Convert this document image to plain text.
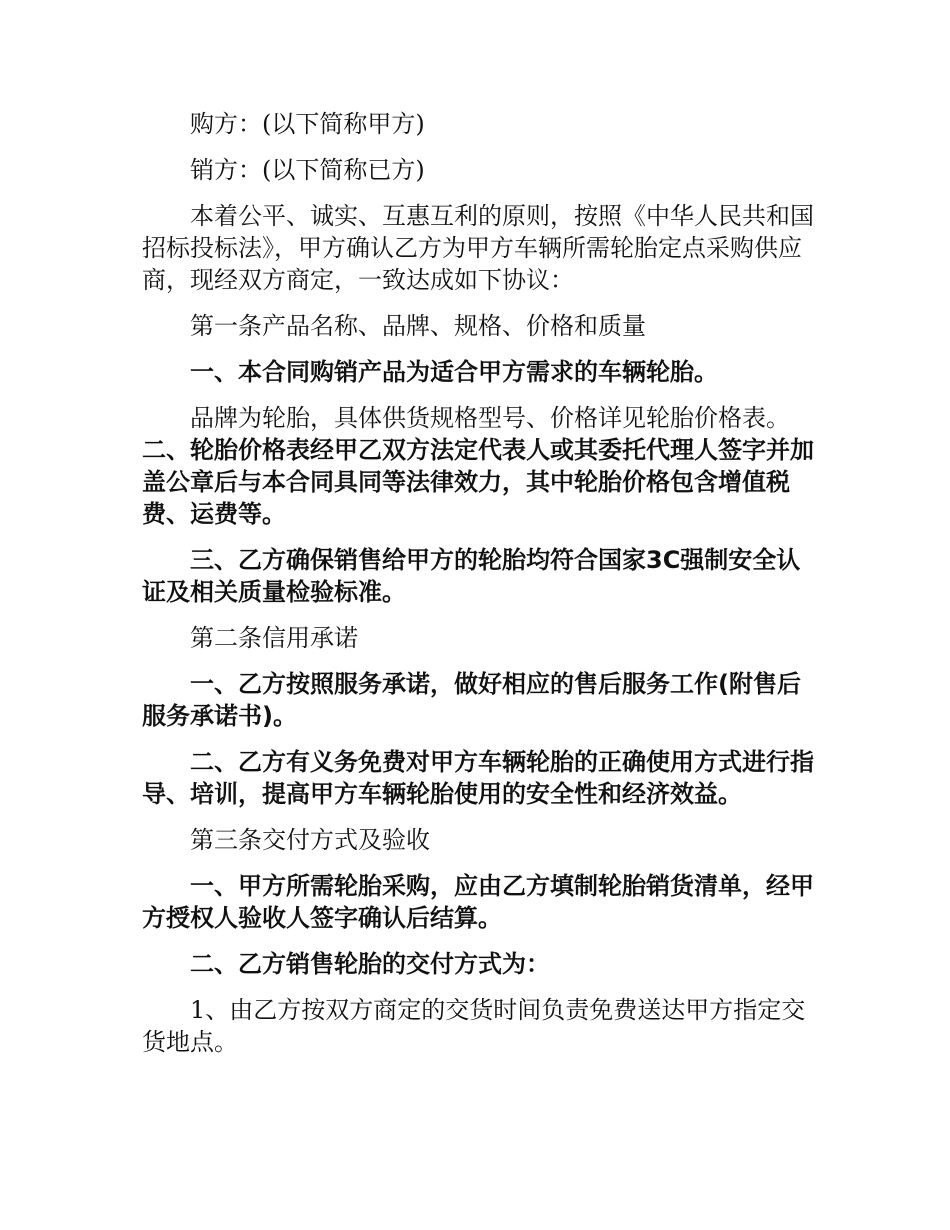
购方：(以下简称甲方)

销方：(以下简称已方)

本着公平、诚实、互惠互利的原则，按照《中华人民共和国招标投标法》，甲方确认乙方为甲方车辆所需轮胎定点采购供应商，现经双方商定，一致达成如下协议：

第一条产品名称、品牌、规格、价格和质量

一、本合同购销产品为适合甲方需求的车辆轮胎。

品牌为轮胎，具体供货规格型号、价格详见轮胎价格表。

二、轮胎价格表经甲乙双方法定代表人或其委托代理人签字并加盖公章后与本合同具同等法律效力，其中轮胎价格包含增值税费、运费等。

三、乙方确保销售给甲方的轮胎均符合国家3C强制安全认证及相关质量检验标准。

第二条信用承诺

一、乙方按照服务承诺，做好相应的售后服务工作(附售后服务承诺书)。

二、乙方有义务免费对甲方车辆轮胎的正确使用方式进行指导、培训，提高甲方车辆轮胎使用的安全性和经济效益。

第三条交付方式及验收

一、甲方所需轮胎采购，应由乙方填制轮胎销货清单，经甲方授权人验收人签字确认后结算。

二、乙方销售轮胎的交付方式为：

1、由乙方按双方商定的交货时间负责免费送达甲方指定交货地点。
